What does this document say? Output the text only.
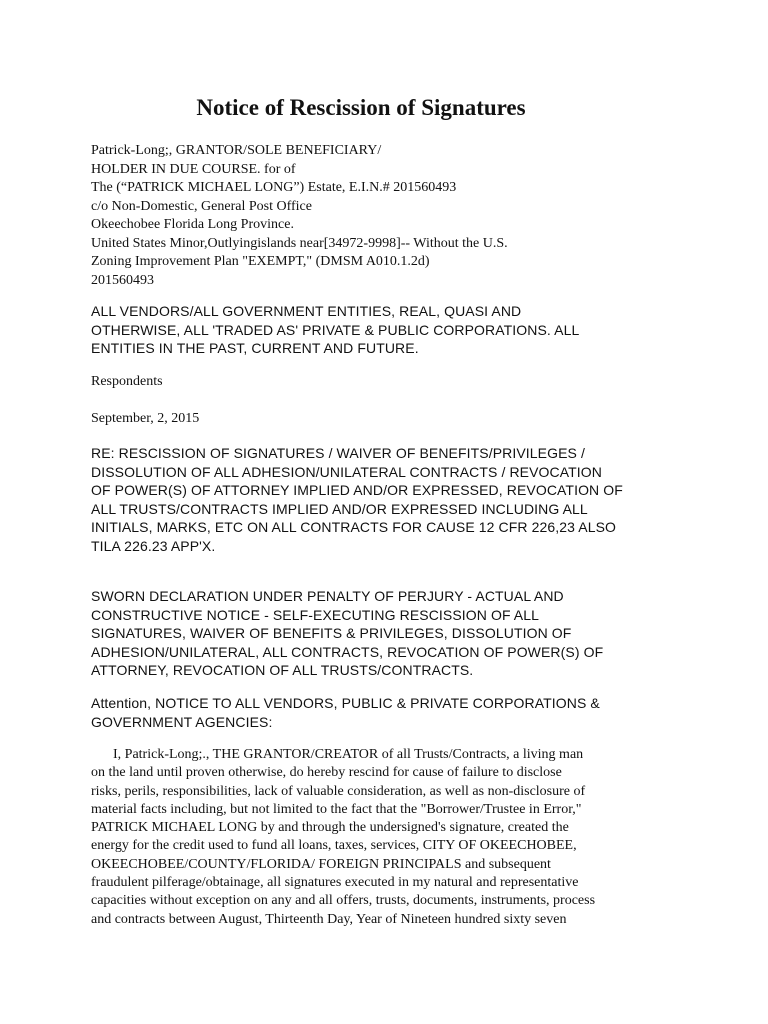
Notice of Rescission of Signatures
Patrick-Long;, GRANTOR/SOLE BENEFICIARY/
HOLDER IN DUE COURSE. for of
The (“PATRICK MICHAEL LONG”) Estate, E.I.N.# 201560493
c/o Non-Domestic, General Post Office
Okeechobee Florida Long Province.
United States Minor,Outlyingislands near[34972-9998]-- Without the U.S.
Zoning Improvement Plan "EXEMPT," (DMSM A010.1.2d)
201560493
ALL VENDORS/ALL GOVERNMENT ENTITIES, REAL, QUASI AND
OTHERWISE, ALL 'TRADED AS' PRIVATE & PUBLIC CORPORATIONS. ALL
ENTITIES IN THE PAST, CURRENT AND FUTURE.
Respondents
September, 2, 2015
RE: RESCISSION OF SIGNATURES / WAIVER OF BENEFITS/PRIVILEGES /
DISSOLUTION OF ALL ADHESION/UNILATERAL CONTRACTS / REVOCATION
OF POWER(S) OF ATTORNEY IMPLIED AND/OR EXPRESSED, REVOCATION OF
ALL TRUSTS/CONTRACTS IMPLIED AND/OR EXPRESSED INCLUDING ALL
INITIALS, MARKS, ETC ON ALL CONTRACTS FOR CAUSE 12 CFR 226,23 ALSO
TILA 226.23 APP'X.
SWORN DECLARATION UNDER PENALTY OF PERJURY - ACTUAL AND
CONSTRUCTIVE NOTICE - SELF-EXECUTING RESCISSION OF ALL
SIGNATURES, WAIVER OF BENEFITS & PRIVILEGES, DISSOLUTION OF
ADHESION/UNILATERAL, ALL CONTRACTS, REVOCATION OF POWER(S) OF
ATTORNEY, REVOCATION OF ALL TRUSTS/CONTRACTS.
Attention, NOTICE TO ALL VENDORS, PUBLIC & PRIVATE CORPORATIONS &
GOVERNMENT AGENCIES:
I, Patrick-Long;., THE GRANTOR/CREATOR of all Trusts/Contracts, a living man
on the land until proven otherwise, do hereby rescind for cause of failure to disclose
risks, perils, responsibilities, lack of valuable consideration, as well as non-disclosure of
material facts including, but not limited to the fact that the "Borrower/Trustee in Error,"
PATRICK MICHAEL LONG by and through the undersigned's signature, created the
energy for the credit used to fund all loans, taxes, services, CITY OF OKEECHOBEE,
OKEECHOBEE/COUNTY/FLORIDA/ FOREIGN PRINCIPALS and subsequent
fraudulent pilferage/obtainage, all signatures executed in my natural and representative
capacities without exception on any and all offers, trusts, documents, instruments, process
and contracts between August, Thirteenth Day, Year of Nineteen hundred sixty seven
